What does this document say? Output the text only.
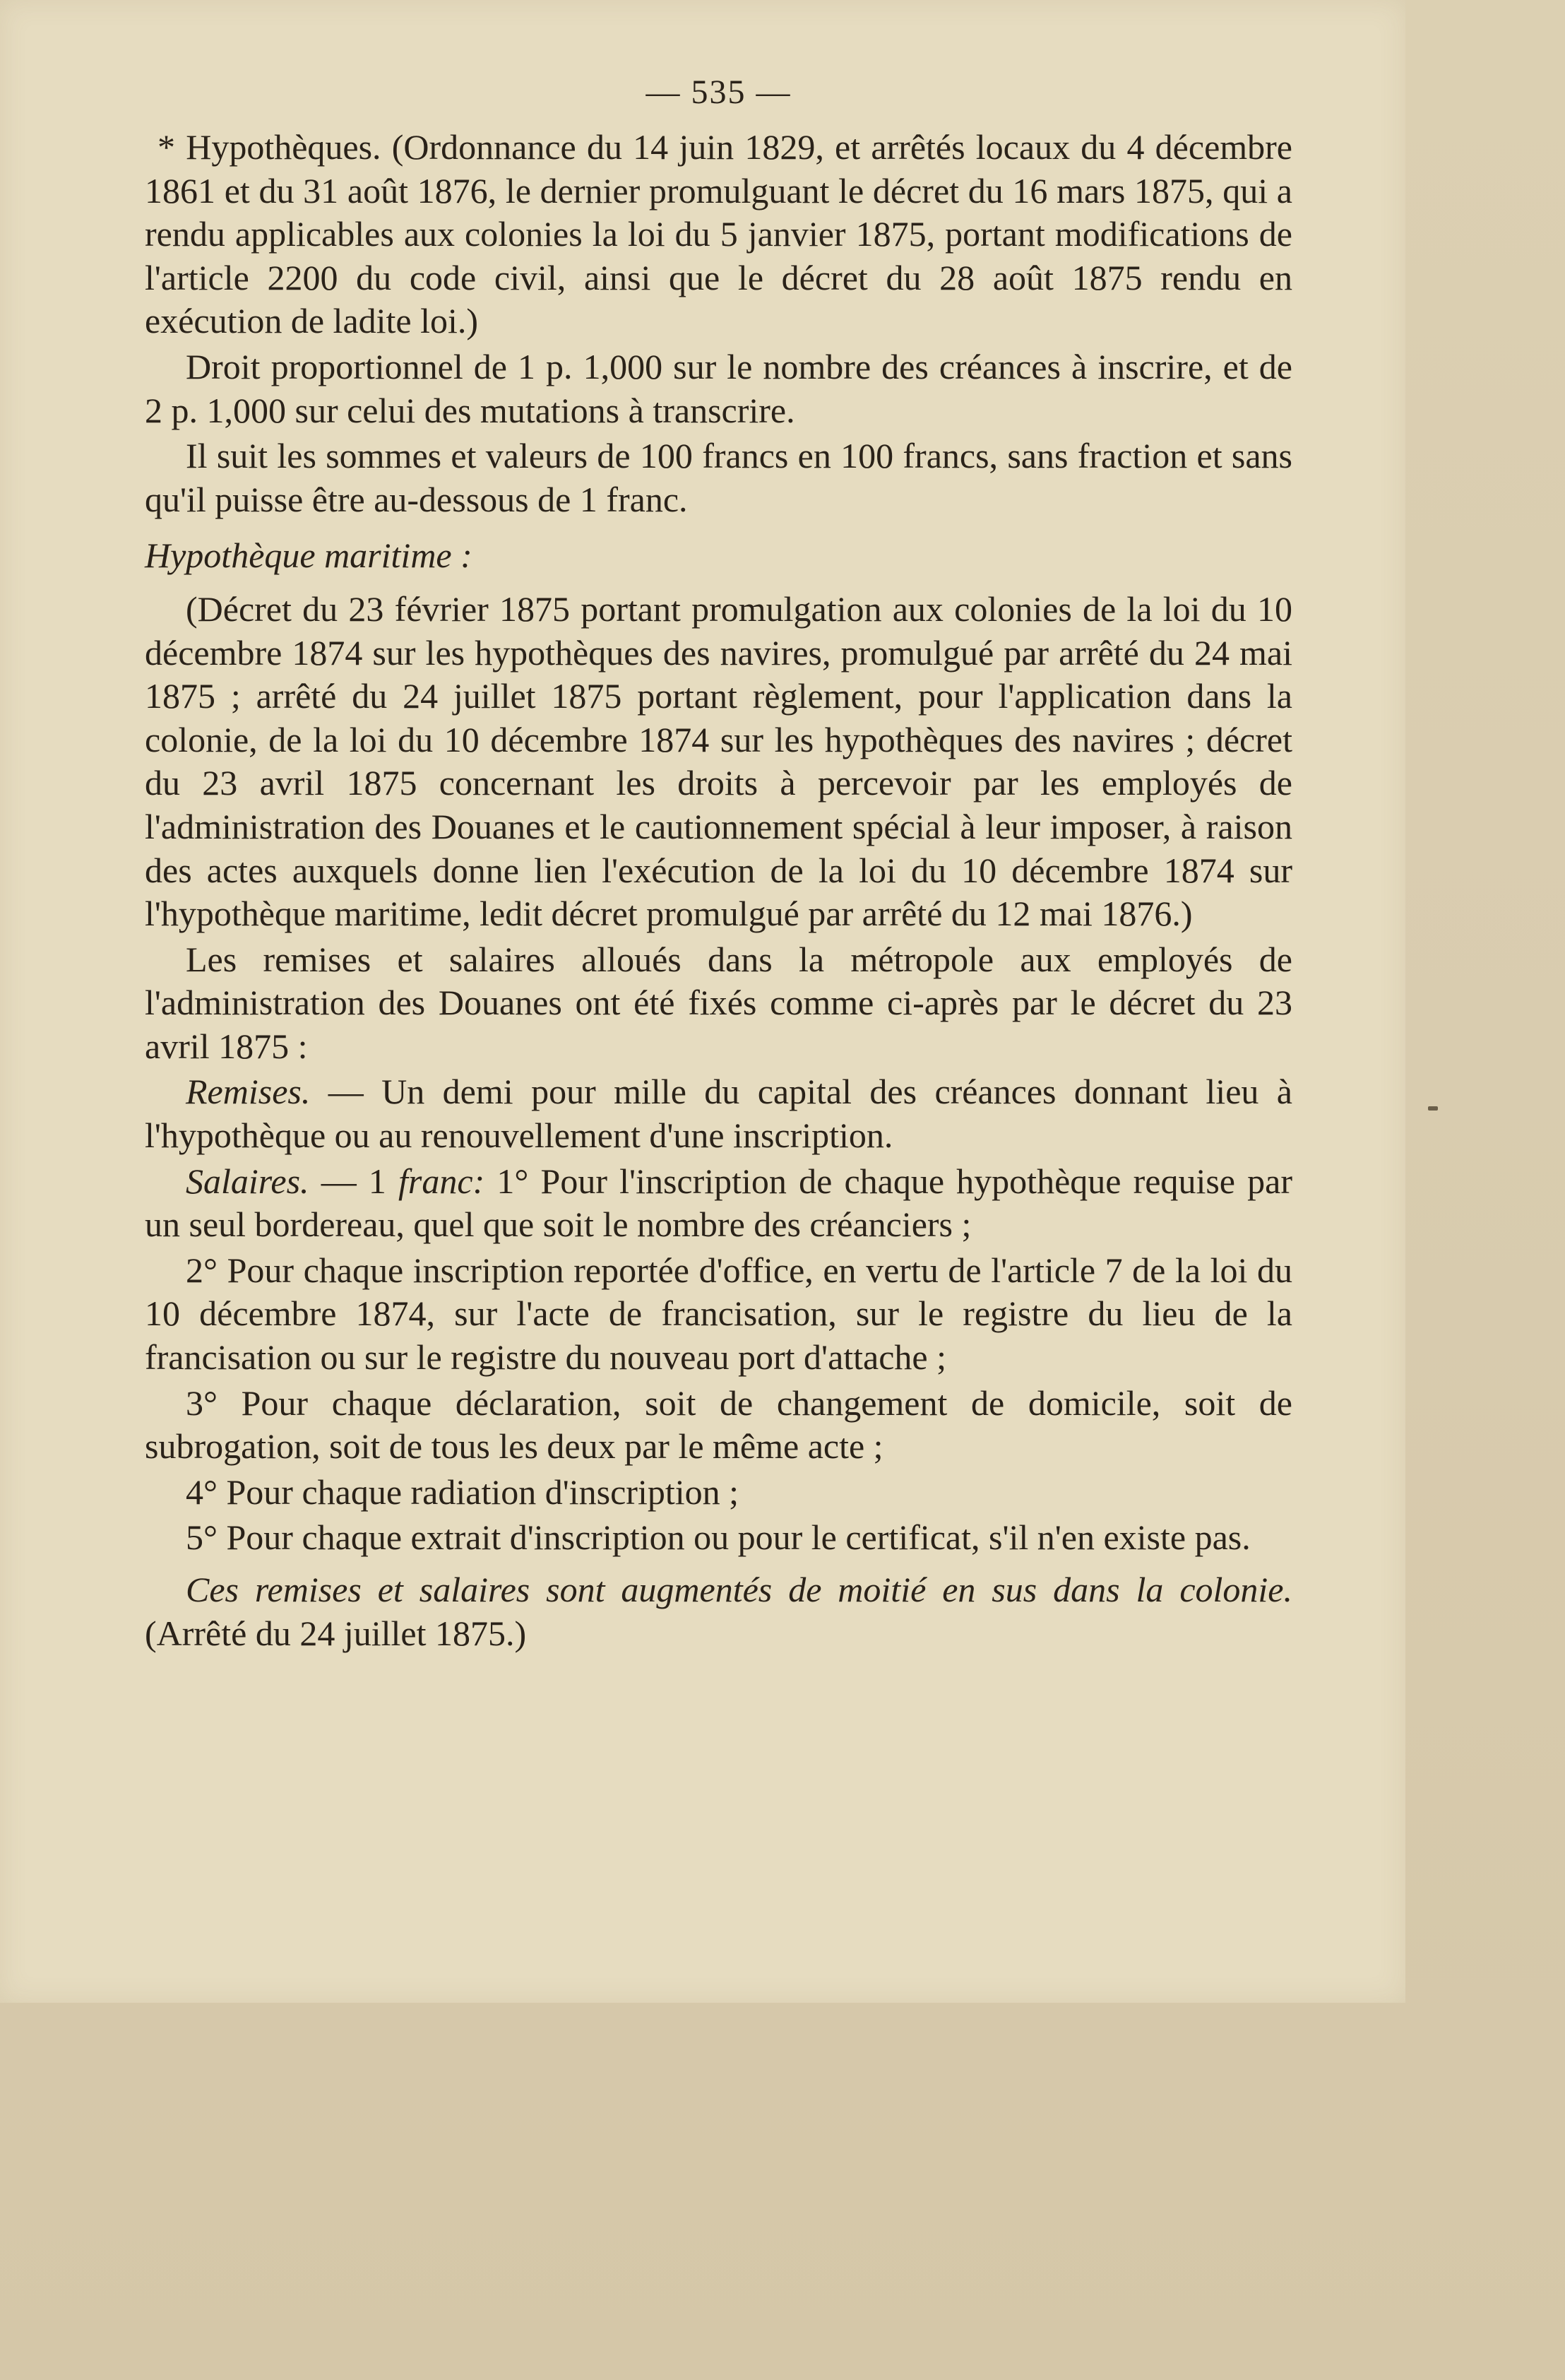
— 535 —

* Hypothèques. (Ordonnance du 14 juin 1829, et arrêtés locaux du 4 décembre 1861 et du 31 août 1876, le dernier promulguant le décret du 16 mars 1875, qui a rendu applicables aux colonies la loi du 5 janvier 1875, portant modifications de l'article 2200 du code civil, ainsi que le décret du 28 août 1875 rendu en exécution de ladite loi.)

Droit proportionnel de 1 p. 1,000 sur le nombre des créances à inscrire, et de 2 p. 1,000 sur celui des mutations à transcrire.

Il suit les sommes et valeurs de 100 francs en 100 francs, sans fraction et sans qu'il puisse être au-dessous de 1 franc.

Hypothèque maritime :

(Décret du 23 février 1875 portant promulgation aux colonies de la loi du 10 décembre 1874 sur les hypothèques des navires, promulgué par arrêté du 24 mai 1875 ; arrêté du 24 juillet 1875 portant règlement, pour l'application dans la colonie, de la loi du 10 décembre 1874 sur les hypothèques des navires ; décret du 23 avril 1875 concernant les droits à percevoir par les employés de l'administration des Douanes et le cautionnement spécial à leur imposer, à raison des actes auxquels donne lien l'exécution de la loi du 10 décembre 1874 sur l'hypothèque maritime, ledit décret promulgué par arrêté du 12 mai 1876.)

Les remises et salaires alloués dans la métropole aux employés de l'administration des Douanes ont été fixés comme ci-après par le décret du 23 avril 1875 :

Remises. — Un demi pour mille du capital des créances donnant lieu à l'hypothèque ou au renouvellement d'une inscription.

Salaires. — 1 franc: 1° Pour l'inscription de chaque hypothèque requise par un seul bordereau, quel que soit le nombre des créanciers ;

2° Pour chaque inscription reportée d'office, en vertu de l'article 7 de la loi du 10 décembre 1874, sur l'acte de francisation, sur le registre du lieu de la francisation ou sur le registre du nouveau port d'attache ;

3° Pour chaque déclaration, soit de changement de domicile, soit de subrogation, soit de tous les deux par le même acte ;

4° Pour chaque radiation d'inscription ;

5° Pour chaque extrait d'inscription ou pour le certificat, s'il n'en existe pas.

Ces remises et salaires sont augmentés de moitié en sus dans la colonie. (Arrêté du 24 juillet 1875.)
